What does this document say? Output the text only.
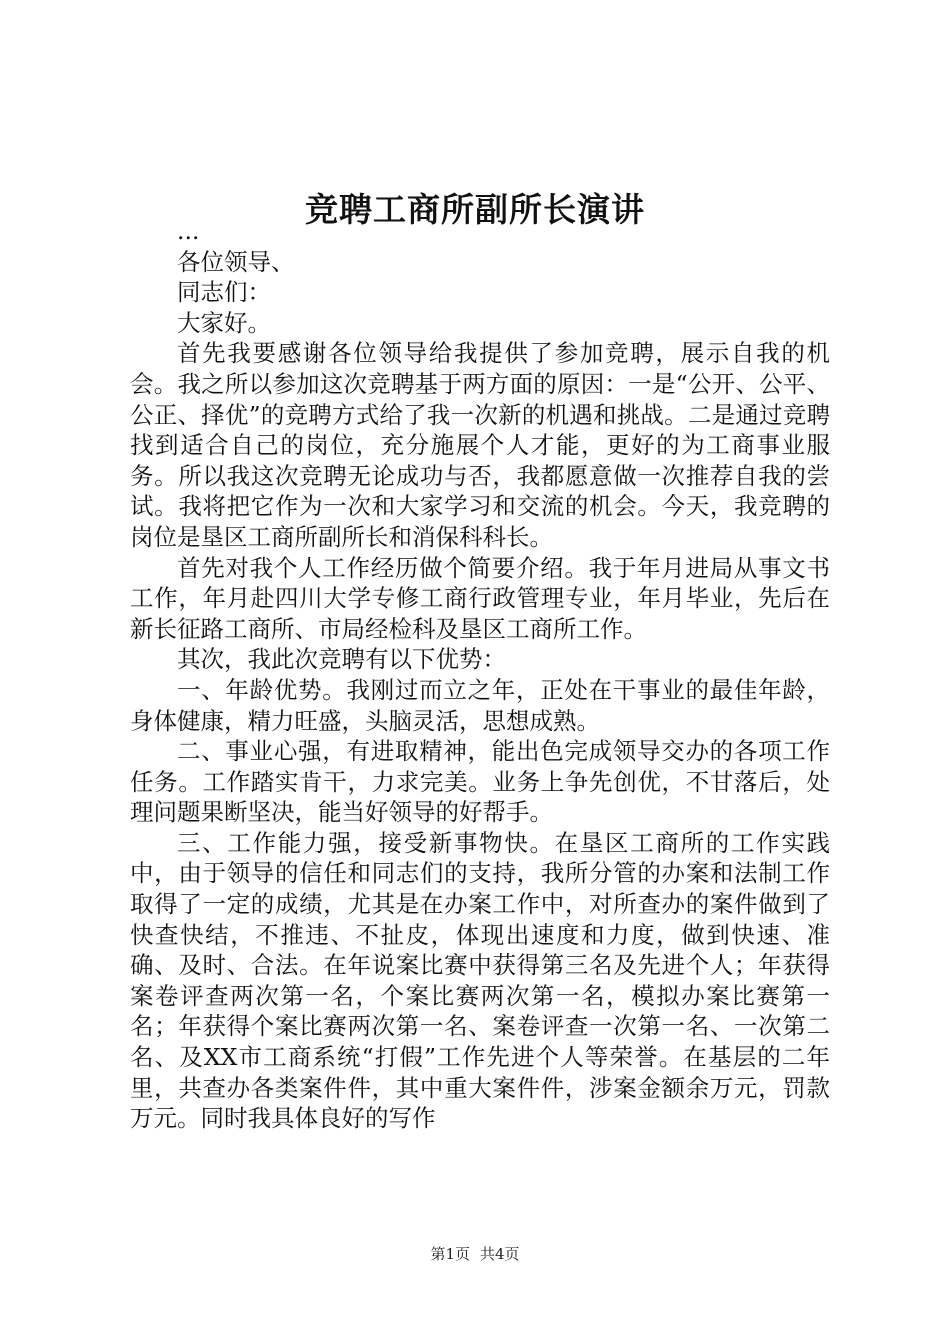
竞聘工商所副所长演讲

...

各位领导、

同志们：

大家好。

首先我要感谢各位领导给我提供了参加竞聘，展示自我的机会。我之所以参加这次竞聘基于两方面的原因：一是“公开、公平、公正、择优”的竞聘方式给了我一次新的机遇和挑战。二是通过竞聘找到适合自己的岗位，充分施展个人才能，更好的为工商事业服务。所以我这次竞聘无论成功与否，我都愿意做一次推荐自我的尝试。我将把它作为一次和大家学习和交流的机会。今天，我竞聘的岗位是垦区工商所副所长和消保科科长。

首先对我个人工作经历做个简要介绍。我于年月进局从事文书工作，年月赴四川大学专修工商行政管理专业，年月毕业，先后在新长征路工商所、市局经检科及垦区工商所工作。

其次，我此次竞聘有以下优势：

一、年龄优势。我刚过而立之年，正处在干事业的最佳年龄，身体健康，精力旺盛，头脑灵活，思想成熟。

二、事业心强，有进取精神，能出色完成领导交办的各项工作任务。工作踏实肯干，力求完美。业务上争先创优，不甘落后，处理问题果断坚决，能当好领导的好帮手。

三、工作能力强，接受新事物快。在垦区工商所的工作实践中，由于领导的信任和同志们的支持，我所分管的办案和法制工作取得了一定的成绩，尤其是在办案工作中，对所查办的案件做到了快查快结，不推违、不扯皮，体现出速度和力度，做到快速、准确、及时、合法。在年说案比赛中获得第三名及先进个人；年获得案卷评查两次第一名，个案比赛两次第一名，模拟办案比赛第一名；年获得个案比赛两次第一名、案卷评查一次第一名、一次第二名、及XX市工商系统“打假”工作先进个人等荣誉。在基层的二年里，共查办各类案件件，其中重大案件件，涉案金额余万元，罚款万元。同时我具体良好的写作

第1页 共4页
